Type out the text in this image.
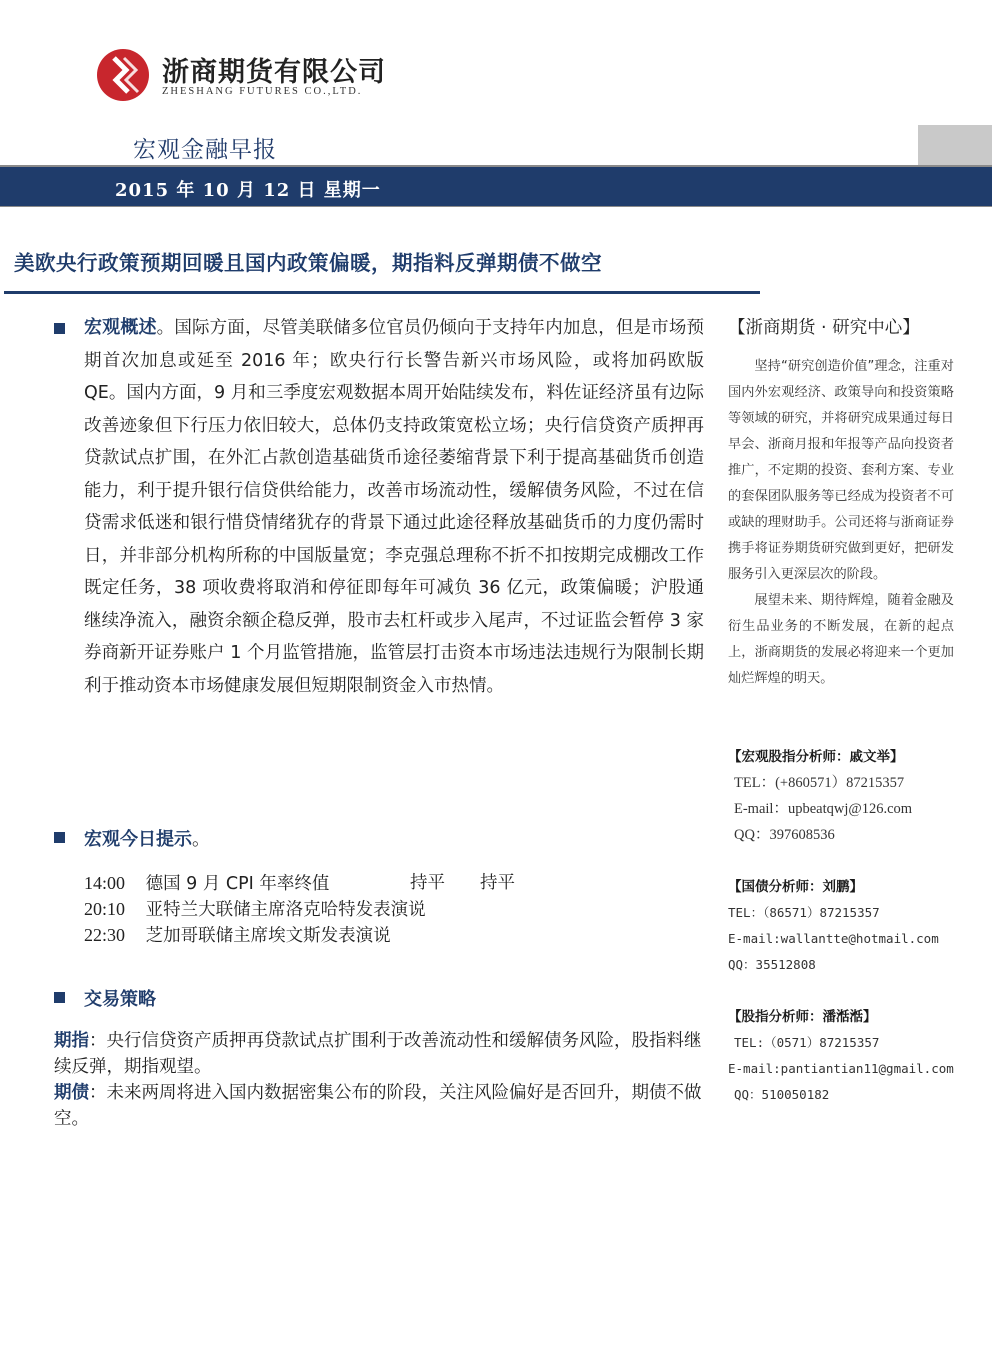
浙商期货有限公司
ZHESHANG FUTURES CO.,LTD.
宏观金融早报
2015 年 10 月 12 日 星期一
美欧央行政策预期回暖且国内政策偏暖，期指料反弹期债不做空
宏观概述。国际方面，尽管美联储多位官员仍倾向于支持年内加息，但是市场预期首次加息或延至 2016 年；欧央行行长警告新兴市场风险，或将加码欧版 QE。国内方面，9 月和三季度宏观数据本周开始陆续发布，料佐证经济虽有边际改善迹象但下行压力依旧较大，总体仍支持政策宽松立场；央行信贷资产质押再贷款试点扩围，在外汇占款创造基础货币途径萎缩背景下利于提高基础货币创造能力，利于提升银行信贷供给能力，改善市场流动性，缓解债务风险，不过在信贷需求低迷和银行惜贷情绪犹存的背景下通过此途径释放基础货币的力度仍需时日，并非部分机构所称的中国版量宽；李克强总理称不折不扣按期完成棚改工作既定任务，38 项收费将取消和停征即每年可减负 36 亿元，政策偏暖；沪股通继续净流入，融资余额企稳反弹，股市去杠杆或步入尾声，不过证监会暂停 3 家券商新开证券账户 1 个月监管措施，监管层打击资本市场违法违规行为限制长期利于推动资本市场健康发展但短期限制资金入市热情。
宏观今日提示。
14:00 德国 9 月 CPI 年率终值	持平 持平
20:10 亚特兰大联储主席洛克哈特发表演说
22:30 芝加哥联储主席埃文斯发表演说
交易策略
期指：央行信贷资产质押再贷款试点扩围利于改善流动性和缓解债务风险，股指料继续反弹，期指观望。
期债：未来两周将进入国内数据密集公布的阶段，关注风险偏好是否回升，期债不做空。
【浙商期货 · 研究中心】

坚持“研究创造价值”理念，注重对国内外宏观经济、政策导向和投资策略等领域的研究，并将研究成果通过每日早会、浙商月报和年报等产品向投资者推广，不定期的投资、套利方案、专业的套保团队服务等已经成为投资者不可或缺的理财助手。公司还将与浙商证券携手将证券期货研究做到更好，把研发服务引入更深层次的阶段。

展望未来、期待辉煌，随着金融及衍生品业务的不断发展，在新的起点上，浙商期货的发展必将迎来一个更加灿烂辉煌的明天。

【宏观股指分析师：戚文举】
TEL：(+860571）87215357
E-mail：upbeatqwj@126.com
QQ：397608536
【国债分析师：刘鹏】
TEL：（86571）87215357
E-mail:wallantte@hotmail.com
QQ：35512808
【股指分析师：潘湉湉】
TEL:（0571）87215357
E-mail:pantiantian11@gmail.com
QQ：510050182
